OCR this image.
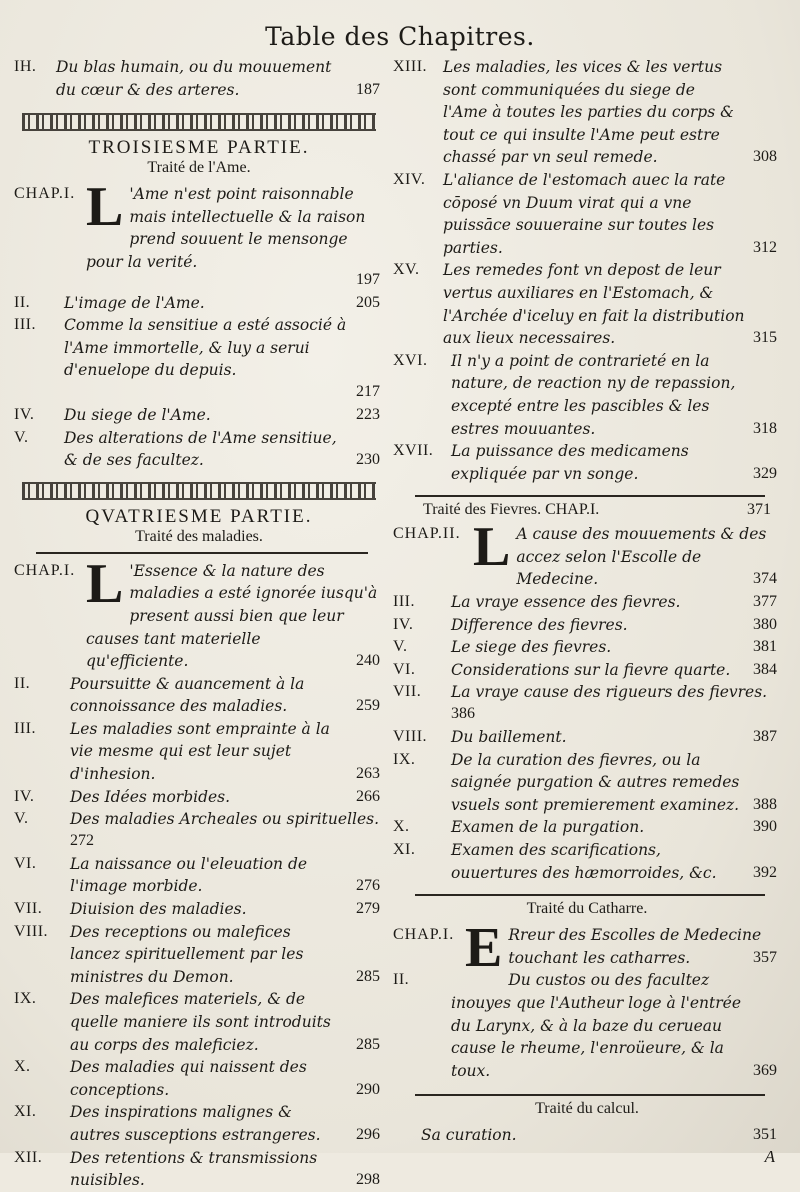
Table des Chapitres.
IH.	Du blas humain, ou du mouuement du cœur & des arteres.	187
TROISIESME PARTIE.
Traité de l'Ame.
CHAP.I. L 'Ame n'est point raisonnable mais intellectuelle & la raison prend souuent le mensonge pour la verité.
197
II.	L'image de l'Ame.	205
III.	Comme la sensitiue a esté associé à l'Ame immortelle, & luy a serui d'enuelope du depuis.
217
IV.	Du siege de l'Ame.	223
V.	Des alterations de l'Ame sensitiue, & de ses facultez.	230
QVATRIESME PARTIE.
Traité des maladies.
CHAP.I. L 'Essence & la nature des maladies a esté ignorée iusqu'à present aussi bien que leur causes tant materielle qu'efficiente.	240
II.	Poursuitte & auancement à la connoissance des maladies.	259
III.	Les maladies sont emprainte à la vie mesme qui est leur sujet d'inhesion.	263
IV.	Des Idées morbides.	266
V.	Des maladies Archeales ou spirituelles.
272
VI.	La naissance ou l'eleuation de l'image morbide.	276
VII.	Diuision des maladies.	279
VIII.	Des receptions ou malefices lancez spirituellement par les ministres du Demon.	285
IX.	Des malefices materiels, & de quelle maniere ils sont introduits au corps des maleficiez.	285
X.	Des maladies qui naissent des conceptions.	290
XI.	Des inspirations malignes & autres susceptions estrangeres.	296
XII.	Des retentions & transmissions nuisibles.	298
XIII.	Les maladies, les vices & les vertus sont communiquées du siege de l'Ame à toutes les parties du corps & tout ce qui insulte l'Ame peut estre chassé par vn seul remede.	308
XIV.	L'aliance de l'estomach auec la rate cōposé vn Duum virat qui a vne puissāce souueraine sur toutes les parties.	312
XV.	Les remedes font vn depost de leur vertus auxiliares en l'Estomach, & l'Archée d'iceluy en fait la distribution aux lieux necessaires.	315
XVI.	Il n'y a point de contrarieté en la nature, de reaction ny de repassion, excepté entre les pascibles & les estres mouuantes.	318
XVII.	La puissance des medicamens expliquée par vn songe.	329
Traité des Fievres. CHAP.I.	371
CHAP.II. L A cause des mouuements & des accez selon l'Escolle de Medecine.	374
III.	La vraye essence des fievres.	377
IV.	Difference des fievres.	380
V.	Le siege des fievres.	381
VI.	Considerations sur la fievre quarte.	384
VII.	La vraye cause des rigueurs des fievres.
386
VIII.	Du baillement.	387
IX.	De la curation des fievres, ou la saignée purgation & autres remedes vsuels sont premierement examinez. 388
X.	Examen de la purgation.	390
XI.	Examen des scarifications, ouuertures des hæmorroides, &c.	392
Traité du Catharre.
CHAP.I. E Rreur des Escolles de Medecine touchant les catharres.	357
II.	Du custos ou des facultez inouyes que l'Autheur loge à l'entrée du Larynx, & à la baze du cerueau cause le rheume, l'enroüeure, & la toux.	369
Traité du calcul.
Sa curation.	351
A
